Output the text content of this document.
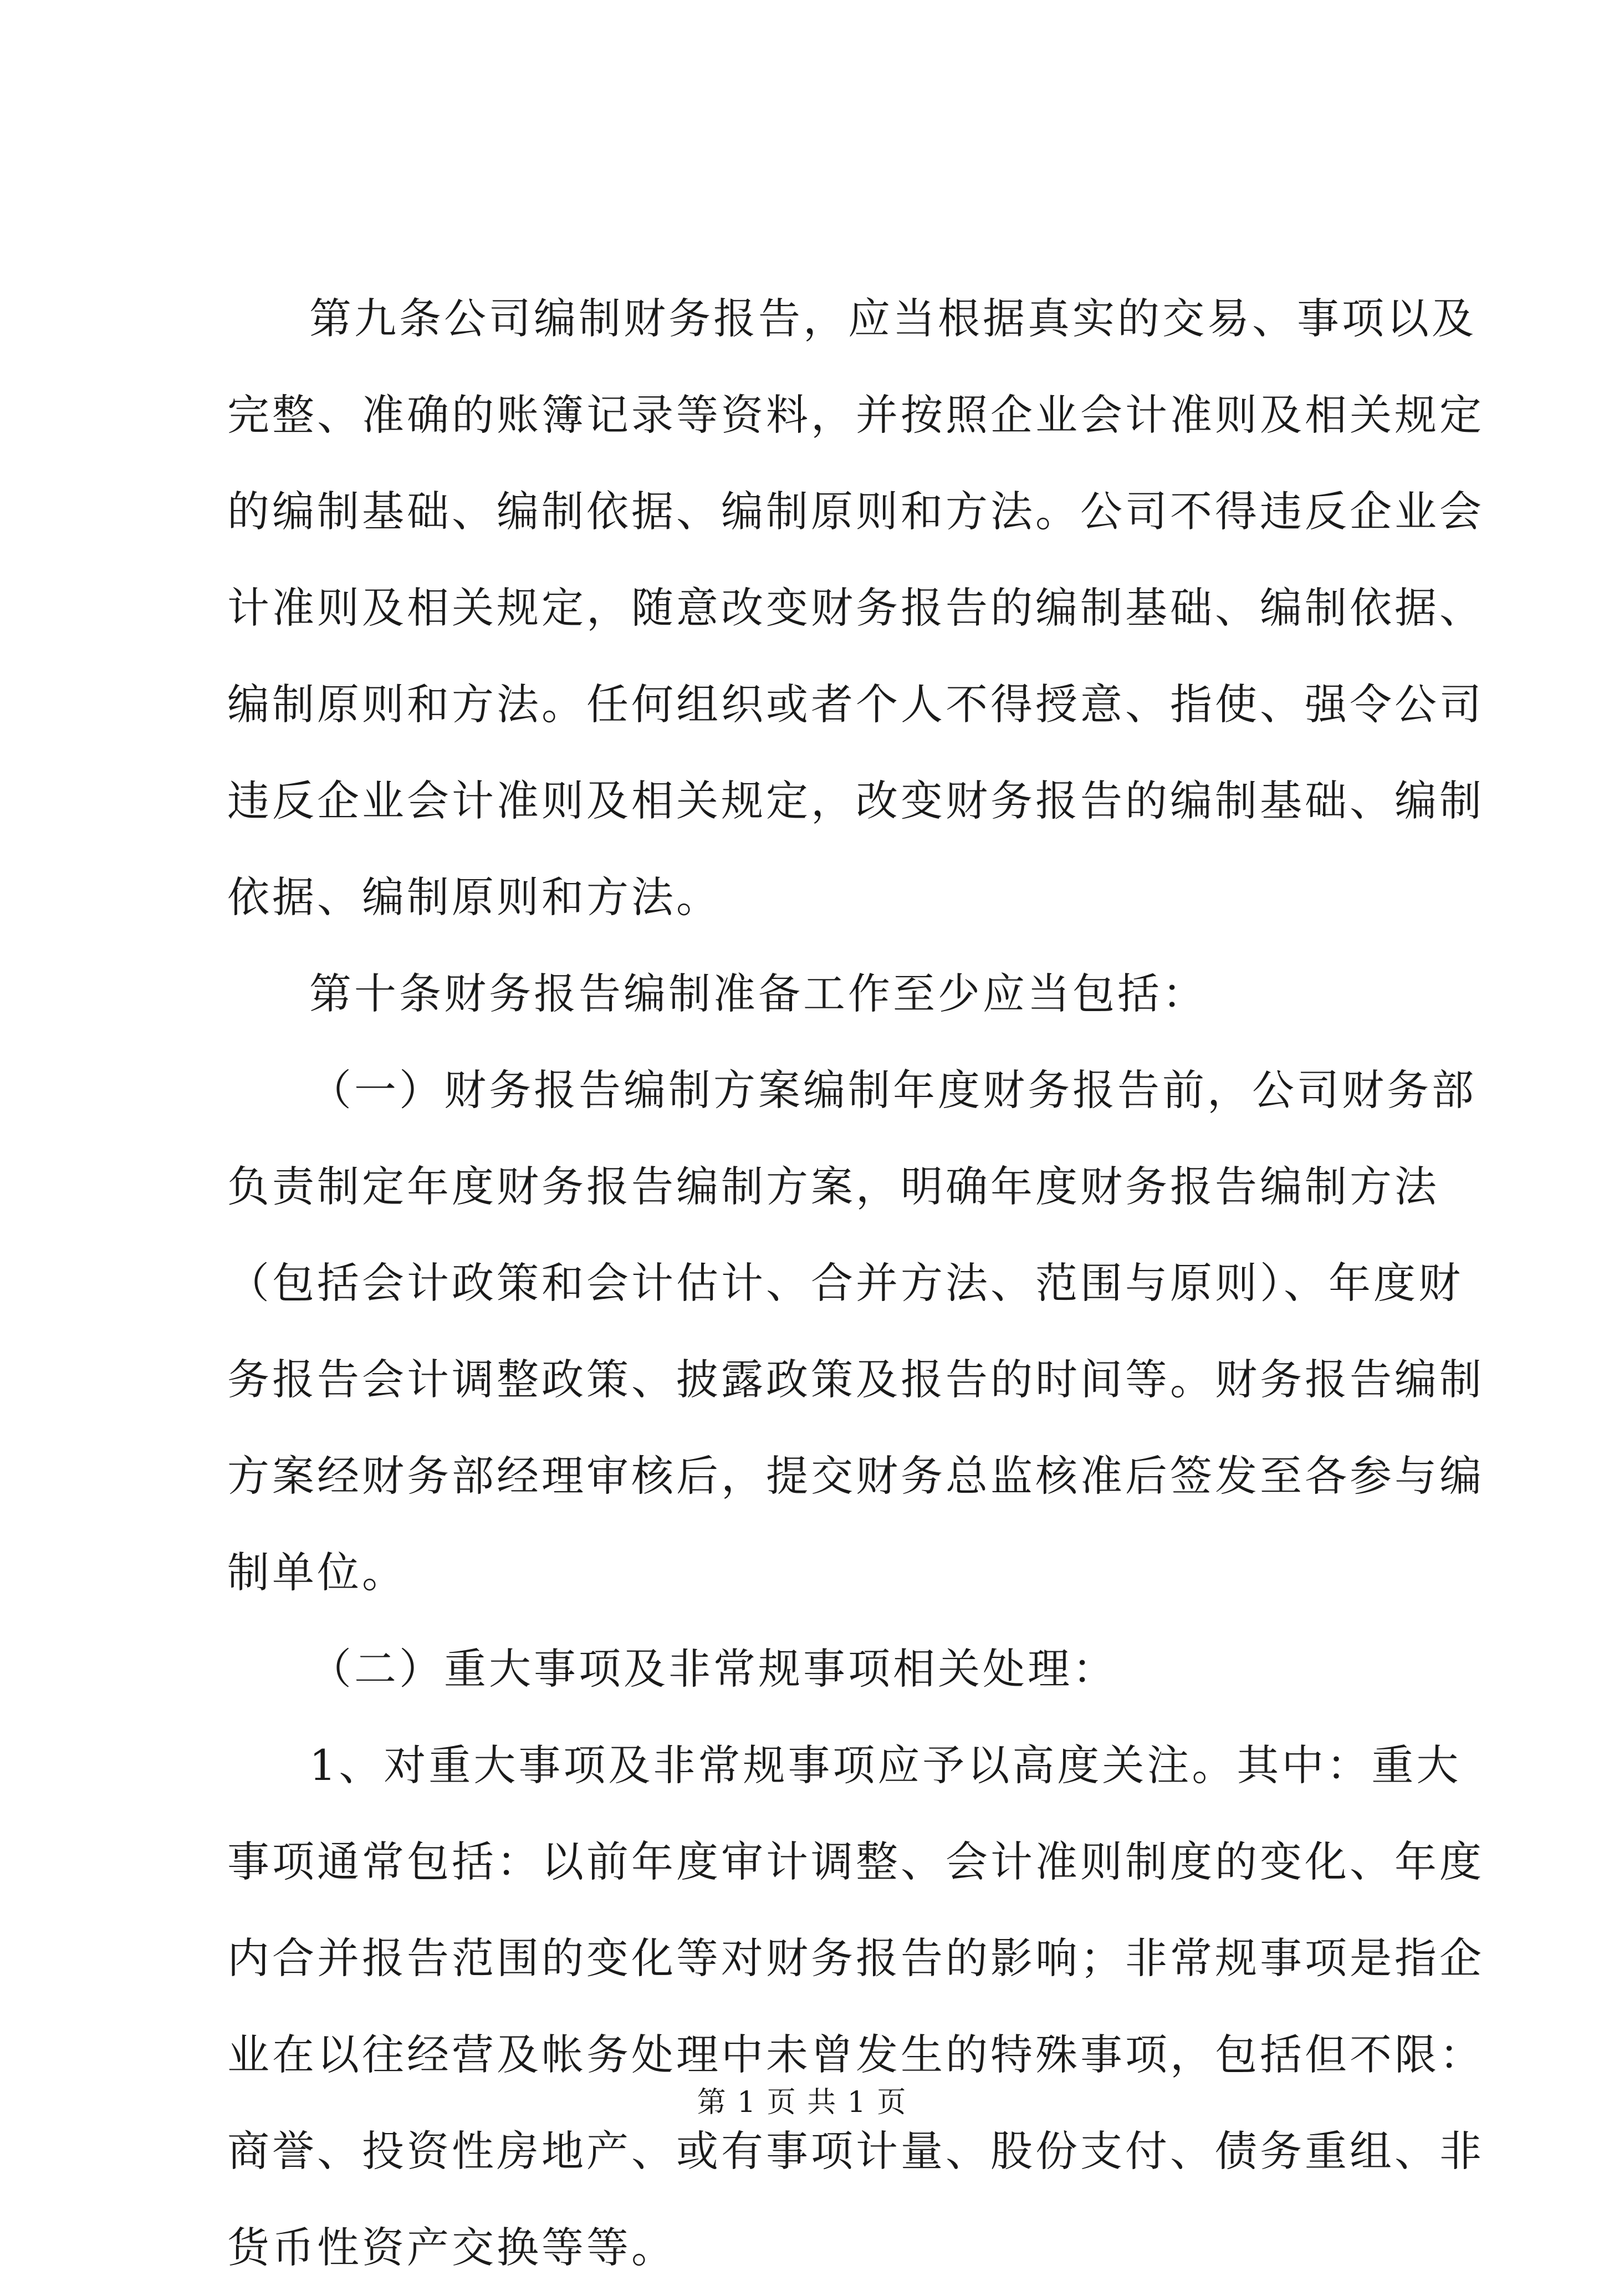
第九条公司编制财务报告，应当根据真实的交易、事项以及
完整、准确的账簿记录等资料，并按照企业会计准则及相关规定
的编制基础、编制依据、编制原则和方法。公司不得违反企业会
计准则及相关规定，随意改变财务报告的编制基础、编制依据、
编制原则和方法。任何组织或者个人不得授意、指使、强令公司
违反企业会计准则及相关规定，改变财务报告的编制基础、编制
依据、编制原则和方法。
第十条财务报告编制准备工作至少应当包括：
（一）财务报告编制方案编制年度财务报告前，公司财务部
负责制定年度财务报告编制方案，明确年度财务报告编制方法
（包括会计政策和会计估计、合并方法、范围与原则）、年度财
务报告会计调整政策、披露政策及报告的时间等。财务报告编制
方案经财务部经理审核后，提交财务总监核准后签发至各参与编
制单位。
（二）重大事项及非常规事项相关处理：
1、对重大事项及非常规事项应予以高度关注。其中：重大
事项通常包括：以前年度审计调整、会计准则制度的变化、年度
内合并报告范围的变化等对财务报告的影响；非常规事项是指企
业在以往经营及帐务处理中未曾发生的特殊事项，包括但不限：
商誉、投资性房地产、或有事项计量、股份支付、债务重组、非
货币性资产交换等等。
第 1 页 共 1 页
